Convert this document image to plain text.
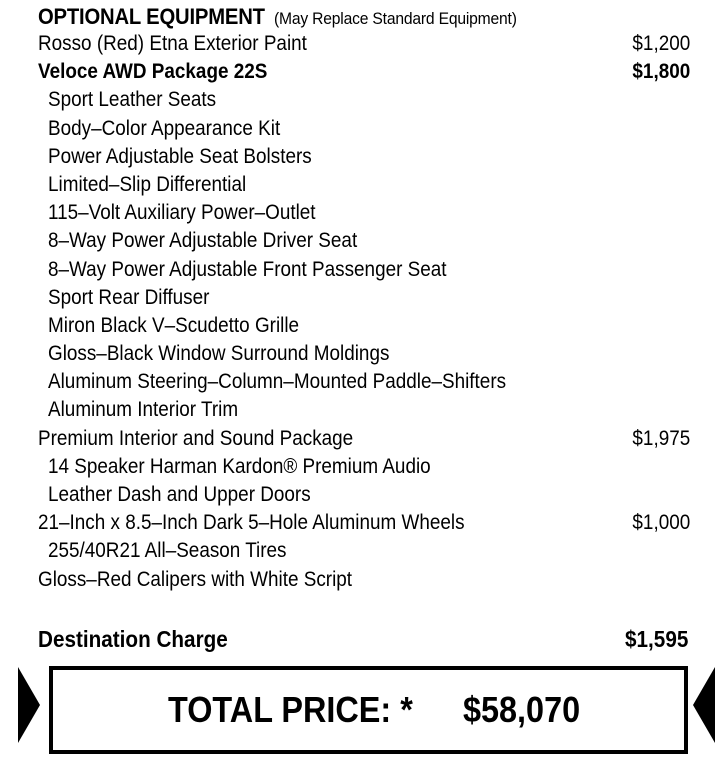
OPTIONAL EQUIPMENT (May Replace Standard Equipment)
Rosso (Red) Etna Exterior Paint	$1,200
Veloce AWD Package 22S	$1,800
Sport Leather Seats
Body–Color Appearance Kit
Power Adjustable Seat Bolsters
Limited–Slip Differential
115–Volt Auxiliary Power–Outlet
8–Way Power Adjustable Driver Seat
8–Way Power Adjustable Front Passenger Seat
Sport Rear Diffuser
Miron Black V–Scudetto Grille
Gloss–Black Window Surround Moldings
Aluminum Steering–Column–Mounted Paddle–Shifters
Aluminum Interior Trim
Premium Interior and Sound Package	$1,975
14 Speaker Harman Kardon® Premium Audio
Leather Dash and Upper Doors
21–Inch x 8.5–Inch Dark 5–Hole Aluminum Wheels	$1,000
255/40R21 All–Season Tires
Gloss–Red Calipers with White Script
Destination Charge	$1,595
TOTAL PRICE: * $58,070
